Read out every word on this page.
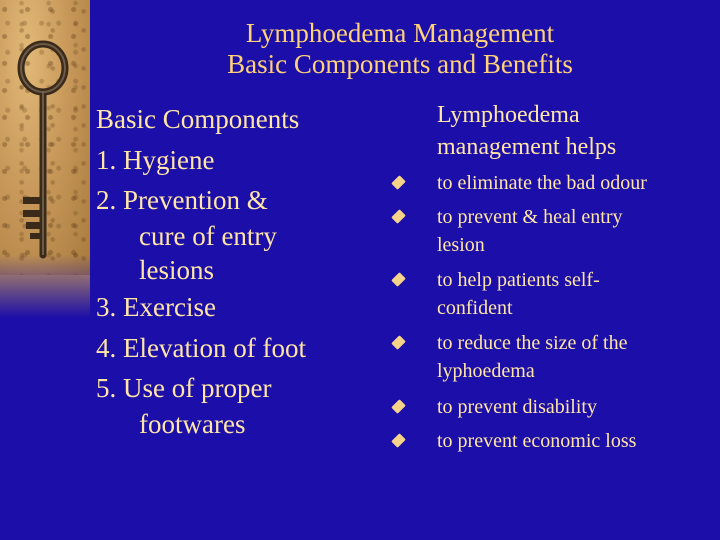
Lymphoedema Management
Basic Components and Benefits
Basic Components
1. Hygiene
2. Prevention &
cure of entry
lesions
3. Exercise
4. Elevation of foot
5. Use of proper
footwares
Lymphoedema
management helps
to eliminate the bad odour
to prevent & heal entry
lesion
to help patients self-
confident
to reduce the size of the
lyphoedema
to prevent disability
to prevent economic loss
